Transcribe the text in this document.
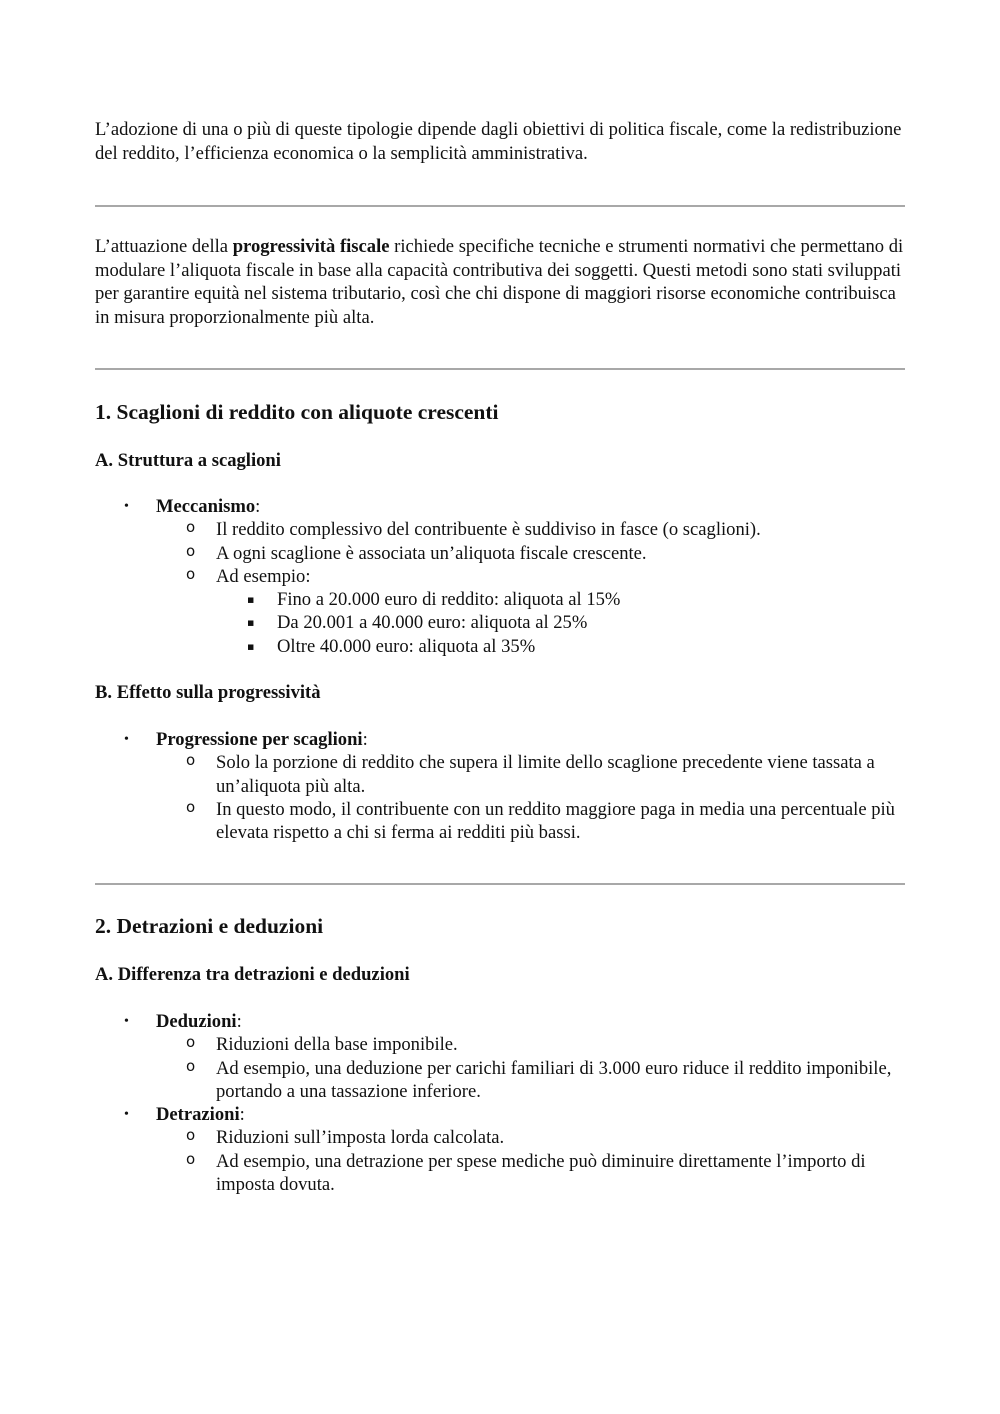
L’adozione di una o più di queste tipologie dipende dagli obiettivi di politica fiscale, come la redistribuzione del reddito, l’efficienza economica o la semplicità amministrativa.

L’attuazione della progressività fiscale richiede specifiche tecniche e strumenti normativi che permettano di modulare l’aliquota fiscale in base alla capacità contributiva dei soggetti. Questi metodi sono stati sviluppati per garantire equità nel sistema tributario, così che chi dispone di maggiori risorse economiche contribuisca in misura proporzionalmente più alta.

1. Scaglioni di reddito con aliquote crescenti
A. Struttura a scaglioni
• Meccanismo:
o Il reddito complessivo del contribuente è suddiviso in fasce (o scaglioni).
o A ogni scaglione è associata un’aliquota fiscale crescente.
o Ad esempio:
▪ Fino a 20.000 euro di reddito: aliquota al 15%
▪ Da 20.001 a 40.000 euro: aliquota al 25%
▪ Oltre 40.000 euro: aliquota al 35%
B. Effetto sulla progressività
• Progressione per scaglioni:
o Solo la porzione di reddito che supera il limite dello scaglione precedente viene tassata a un’aliquota più alta.
o In questo modo, il contribuente con un reddito maggiore paga in media una percentuale più elevata rispetto a chi si ferma ai redditi più bassi.
2. Detrazioni e deduzioni
A. Differenza tra detrazioni e deduzioni
• Deduzioni:
o Riduzioni della base imponibile.
o Ad esempio, una deduzione per carichi familiari di 3.000 euro riduce il reddito imponibile, portando a una tassazione inferiore.
• Detrazioni:
o Riduzioni sull’imposta lorda calcolata.
o Ad esempio, una detrazione per spese mediche può diminuire direttamente l’importo di imposta dovuta.
